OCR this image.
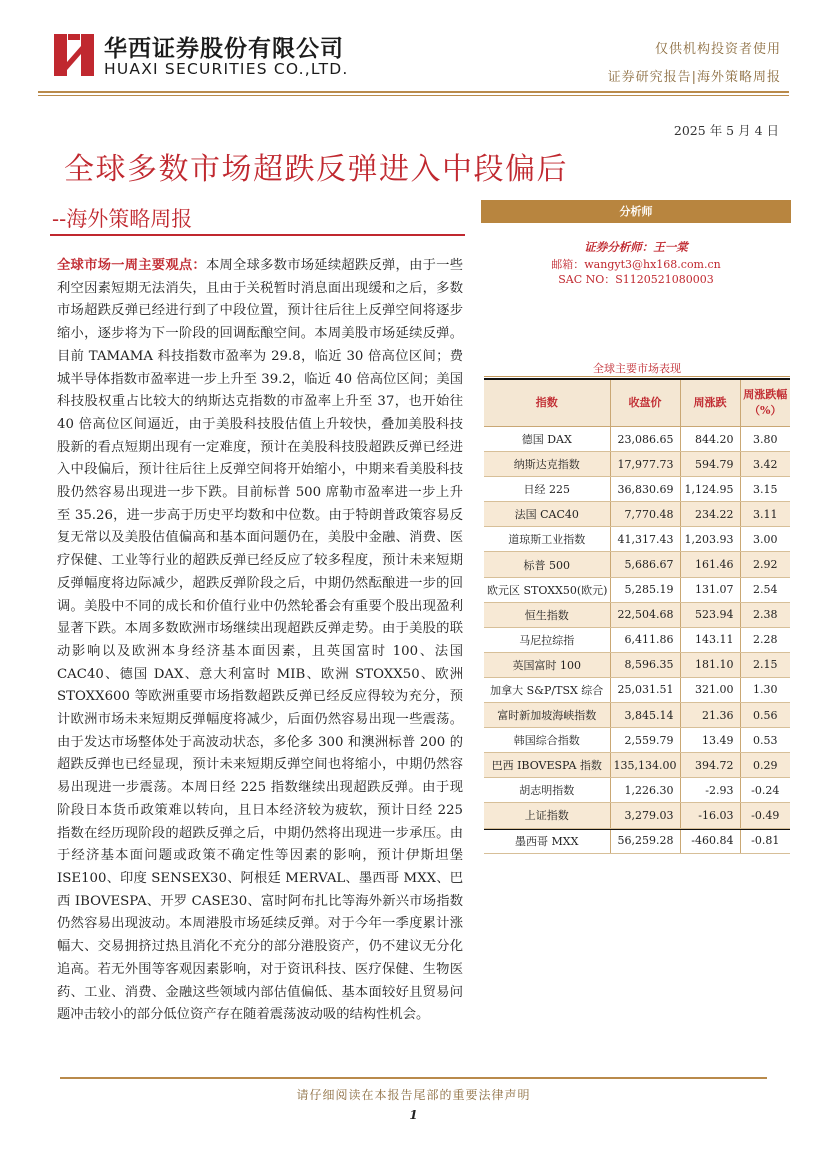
华西证券股份有限公司
HUAXI SECURITIES CO.,LTD.
仅供机构投资者使用
证券研究报告|海外策略周报
2025 年 5 月 4 日
全球多数市场超跌反弹进入中段偏后
--海外策略周报	分析师
证券分析师：王一棠
邮箱：wangyt3@hx168.com.cn
SAC NO：S1120521080003

全球市场一周主要观点：本周全球多数市场延续超跌反弹，由于一些利空因素短期无法消失，且由于关税暂时消息面出现缓和之后，多数市场超跌反弹已经进行到了中段位置，预计往后往上反弹空间将逐步缩小，逐步将为下一阶段的回调酝酿空间。本周美股市场延续反弹。目前 TAMAMA 科技指数市盈率为 29.8，临近 30 倍高位区间；费城半导体指数市盈率进一步上升至 39.2，临近 40 倍高位区间；美国科技股权重占比较大的纳斯达克指数的市盈率上升至 37，也开始往 40 倍高位区间逼近，由于美股科技股估值上升较快，叠加美股科技股新的看点短期出现有一定难度，预计在美股科技股超跌反弹已经进入中段偏后，预计往后往上反弹空间将开始缩小，中期来看美股科技股仍然容易出现进一步下跌。目前标普 500 席勒市盈率进一步上升至 35.26，进一步高于历史平均数和中位数。由于特朗普政策容易反复无常以及美股估值偏高和基本面问题仍在，美股中金融、消费、医疗保健、工业等行业的超跌反弹已经反应了较多程度，预计未来短期反弹幅度将边际减少，超跌反弹阶段之后，中期仍然酝酿进一步的回调。美股中不同的成长和价值行业中仍然轮番会有重要个股出现盈利显著下跌。本周多数欧洲市场继续出现超跌反弹走势。由于美股的联动影响以及欧洲本身经济基本面因素，且英国富时 100、法国 CAC40、德国 DAX、意大利富时 MIB、欧洲 STOXX50、欧洲 STOXX600 等欧洲重要市场指数超跌反弹已经反应得较为充分，预计欧洲市场未来短期反弹幅度将减少，后面仍然容易出现一些震荡。由于发达市场整体处于高波动状态，多伦多 300 和澳洲标普 200 的超跌反弹也已经显现，预计未来短期反弹空间也将缩小，中期仍然容易出现进一步震荡。本周日经 225 指数继续出现超跌反弹。由于现阶段日本货币政策难以转向，且日本经济较为疲软，预计日经 225 指数在经历现阶段的超跌反弹之后，中期仍然将出现进一步承压。由于经济基本面问题或政策不确定性等因素的影响，预计伊斯坦堡 ISE100、印度 SENSEX30、阿根廷 MERVAL、墨西哥 MXX、巴西 IBOVESPA、开罗 CASE30、富时阿布扎比等海外新兴市场指数仍然容易出现波动。本周港股市场延续反弹。对于今年一季度累计涨幅大、交易拥挤过热且消化不充分的部分港股资产，仍不建议无分化追高。若无外围等客观因素影响，对于资讯科技、医疗保健、生物医药、工业、消费、金融这些领域内部估值偏低、基本面较好且贸易问题冲击较小的部分低位资产存在随着震荡波动吸的结构性机会。

全球主要市场表现
指数	收盘价	周涨跌	周涨跌幅（%）
德国 DAX	23,086.65	844.20	3.80
纳斯达克指数	17,977.73	594.79	3.42
日经 225	36,830.69	1,124.95	3.15
法国 CAC40	7,770.48	234.22	3.11
道琼斯工业指数	41,317.43	1,203.93	3.00
标普 500	5,686.67	161.46	2.92
欧元区 STOXX50(欧元)	5,285.19	131.07	2.54
恒生指数	22,504.68	523.94	2.38
马尼拉综指	6,411.86	143.11	2.28
英国富时 100	8,596.35	181.10	2.15
加拿大 S&P/TSX 综合	25,031.51	321.00	1.30
富时新加坡海峡指数	3,845.14	21.36	0.56
韩国综合指数	2,559.79	13.49	0.53
巴西 IBOVESPA 指数	135,134.00	394.72	0.29
胡志明指数	1,226.30	-2.93	-0.24
上证指数	3,279.03	-16.03	-0.49
墨西哥 MXX	56,259.28	-460.84	-0.81
请仔细阅读在本报告尾部的重要法律声明
1
